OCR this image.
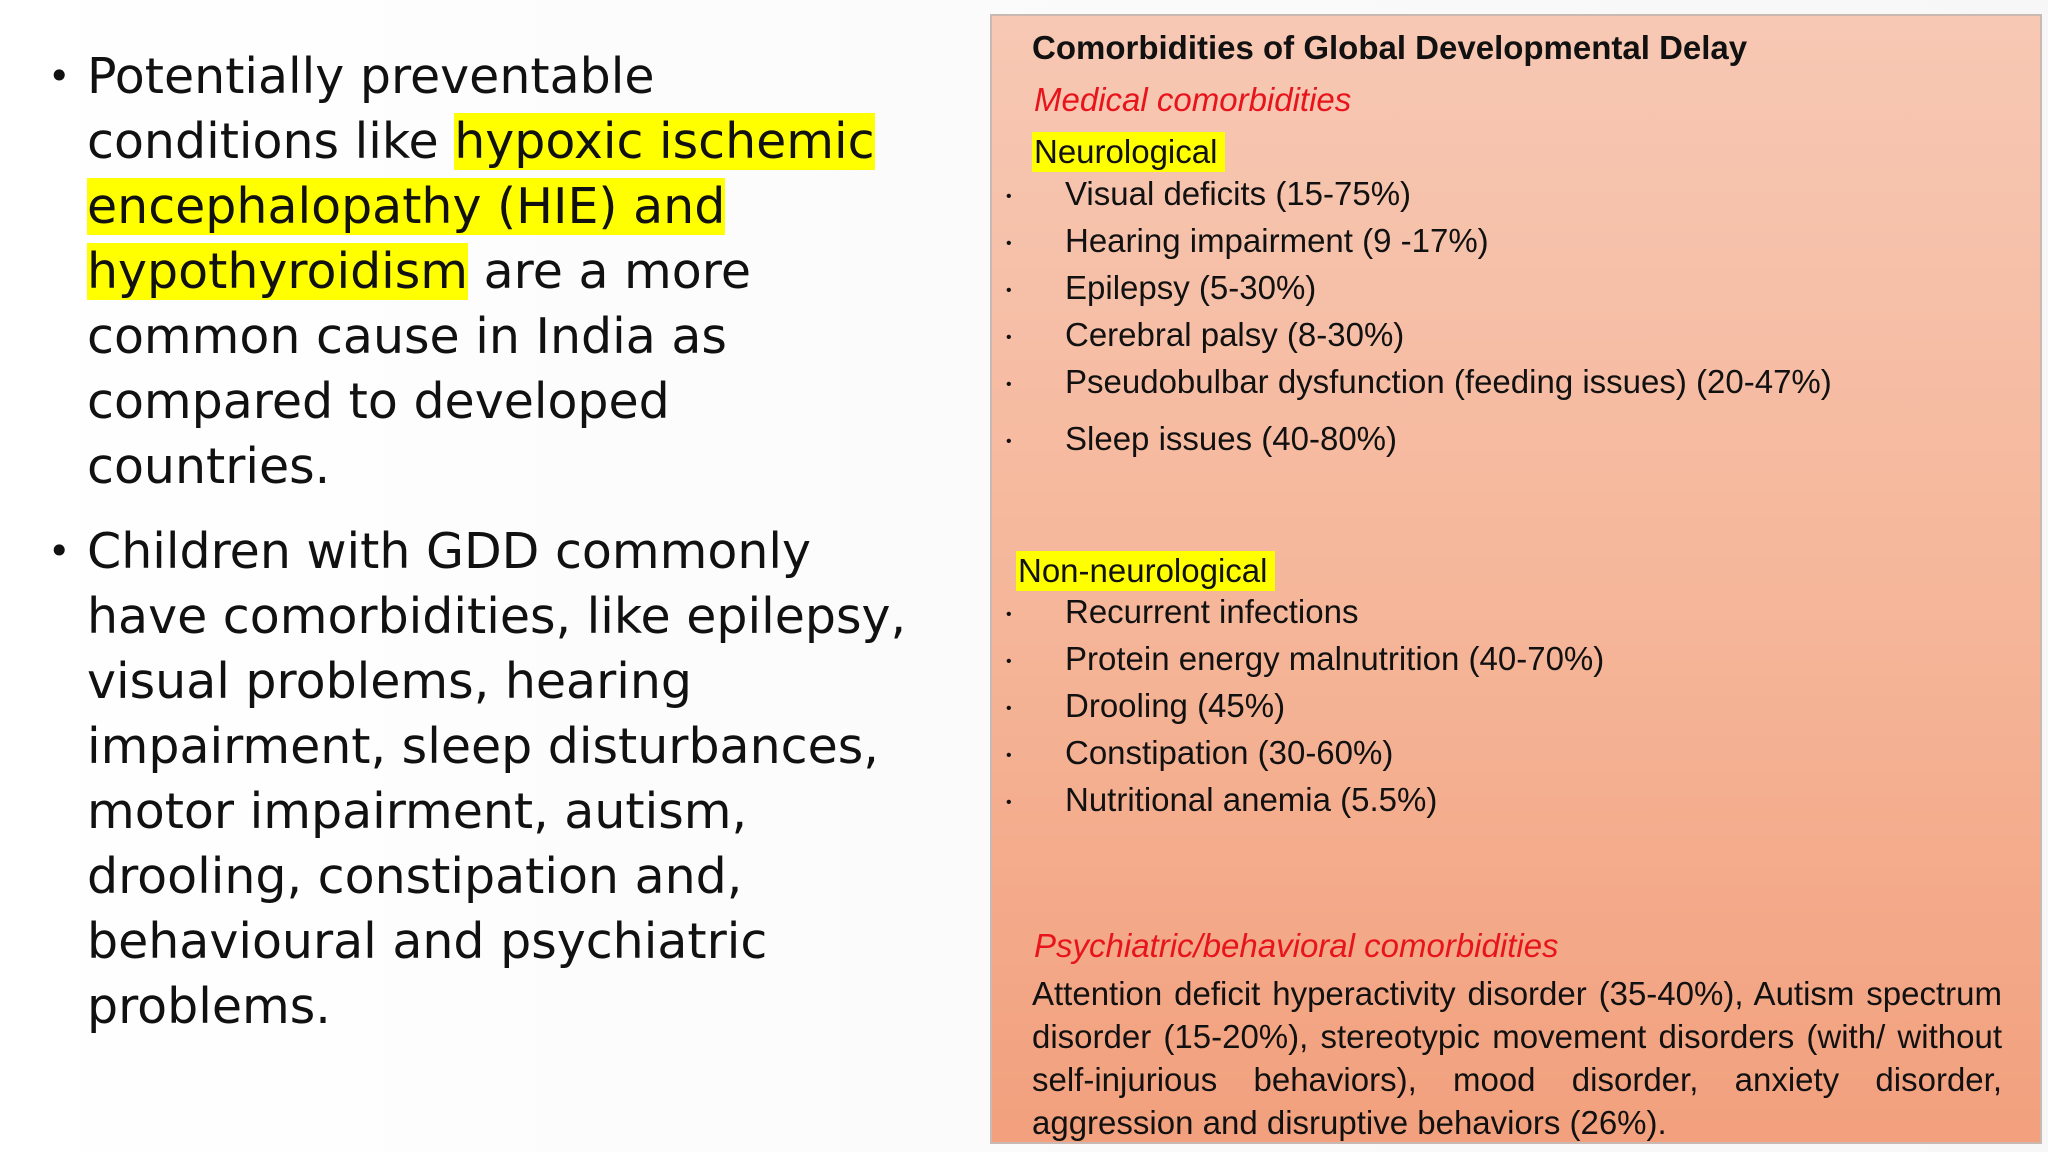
• Potentially preventable conditions like hypoxic ischemic encephalopathy (HIE) and hypothyroidism are a more common cause in India as compared to developed countries.
• Children with GDD commonly have comorbidities, like epilepsy, visual problems, hearing impairment, sleep disturbances, motor impairment, autism, drooling, constipation and, behavioural and psychiatric problems.
Comorbidities of Global Developmental Delay
Medical comorbidities
Neurological
• Visual deficits (15-75%)
• Hearing impairment (9 -17%)
• Epilepsy (5-30%)
• Cerebral palsy (8-30%)
• Pseudobulbar dysfunction (feeding issues) (20-47%)
• Sleep issues (40-80%)
Non-neurological
• Recurrent infections
• Protein energy malnutrition (40-70%)
• Drooling (45%)
• Constipation (30-60%)
• Nutritional anemia (5.5%)
Psychiatric/behavioral comorbidities
Attention deficit hyperactivity disorder (35-40%), Autism spectrum disorder (15-20%), stereotypic movement disorders (with/ without self-injurious behaviors), mood disorder, anxiety disorder, aggression and disruptive behaviors (26%).
